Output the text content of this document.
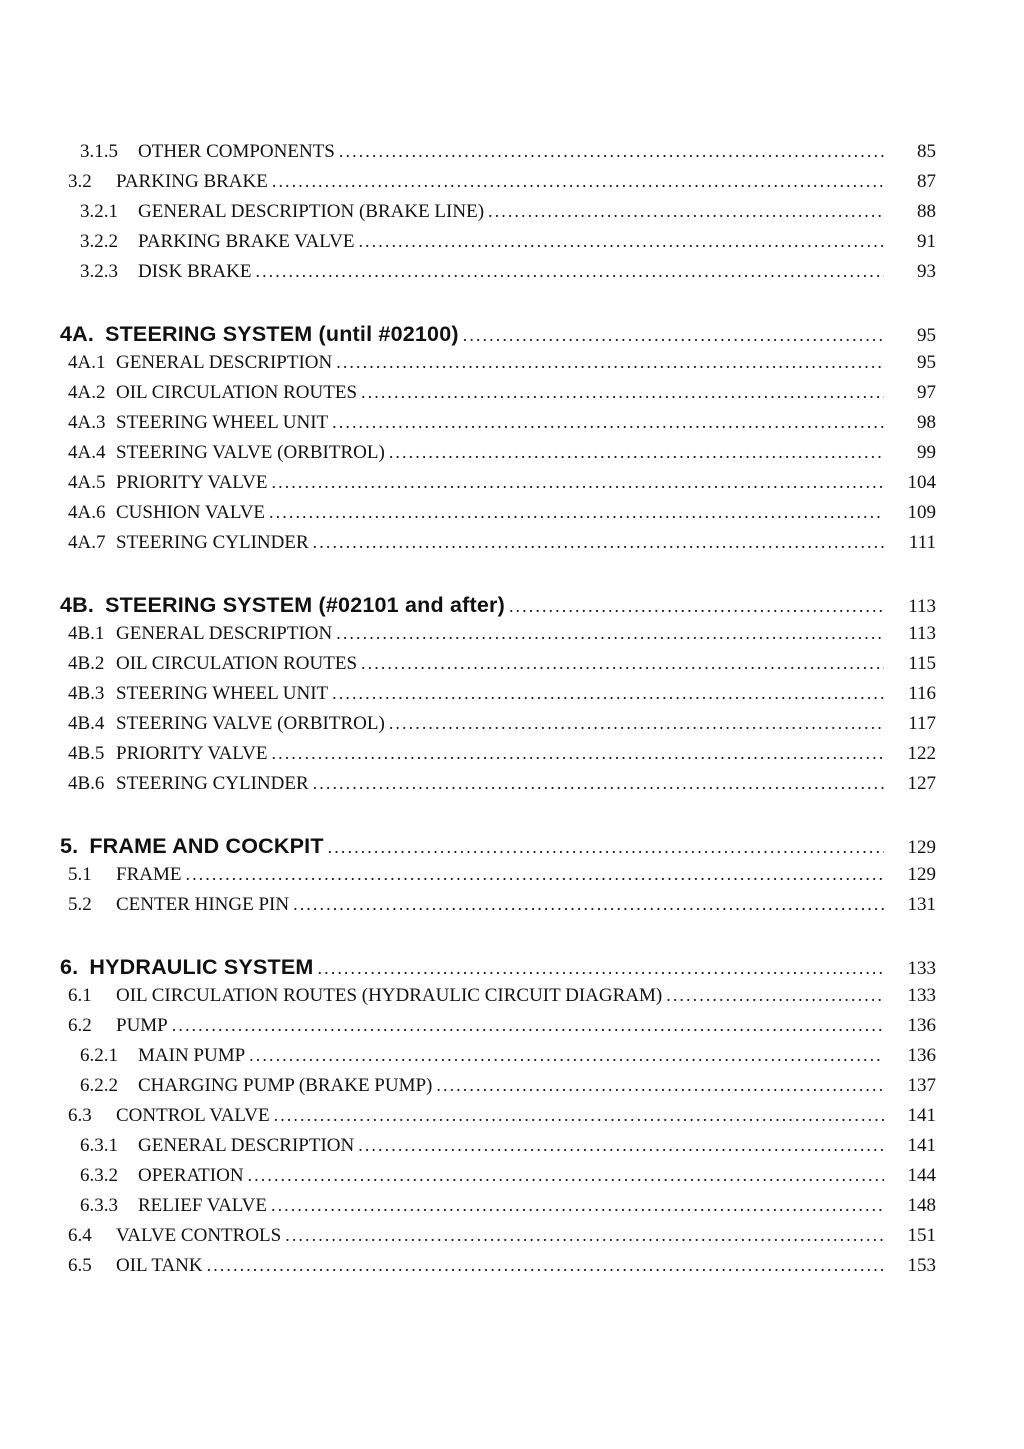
3.1.5	OTHER COMPONENTS .....	85
3.2	PARKING BRAKE .....	87
3.2.1	GENERAL DESCRIPTION (BRAKE LINE) .....	88
3.2.2	PARKING BRAKE VALVE .....	91
3.2.3	DISK BRAKE .....	93
4A. STEERING SYSTEM (until #02100) .....	95
4A.1 GENERAL DESCRIPTION .....	95
4A.2 OIL CIRCULATION ROUTES .....	97
4A.3 STEERING WHEEL UNIT .....	98
4A.4 STEERING VALVE (ORBITROL) .....	99
4A.5 PRIORITY VALVE .....	104
4A.6 CUSHION VALVE .....	109
4A.7 STEERING CYLINDER .....	111
4B. STEERING SYSTEM (#02101 and after) .....	113
4B.1 GENERAL DESCRIPTION .....	113
4B.2 OIL CIRCULATION ROUTES .....	115
4B.3 STEERING WHEEL UNIT .....	116
4B.4 STEERING VALVE (ORBITROL) .....	117
4B.5 PRIORITY VALVE .....	122
4B.6 STEERING CYLINDER .....	127
5. FRAME AND COCKPIT .....	129
5.1	FRAME .....	129
5.2	CENTER HINGE PIN .....	131
6. HYDRAULIC SYSTEM .....	133
6.1	OIL CIRCULATION ROUTES (HYDRAULIC CIRCUIT DIAGRAM) .....	133
6.2	PUMP .....	136
6.2.1	MAIN PUMP .....	136
6.2.2	CHARGING PUMP (BRAKE PUMP) .....	137
6.3	CONTROL VALVE .....	141
6.3.1	GENERAL DESCRIPTION .....	141
6.3.2	OPERATION .....	144
6.3.3	RELIEF VALVE .....	148
6.4	VALVE CONTROLS .....	151
6.5	OIL TANK .....	153
